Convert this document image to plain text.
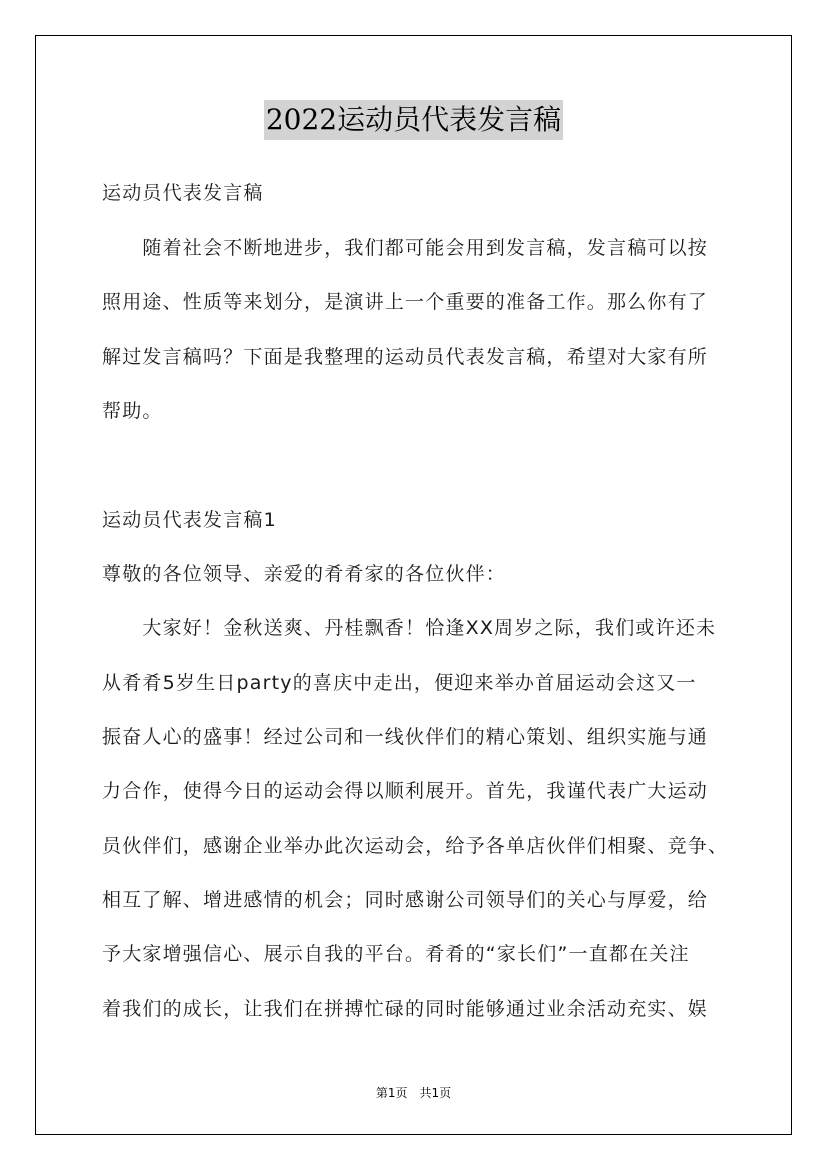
2022运动员代表发言稿
运动员代表发言稿
　　随着社会不断地进步，我们都可能会用到发言稿，发言稿可以按
照用途、性质等来划分，是演讲上一个重要的准备工作。那么你有了
解过发言稿吗？下面是我整理的运动员代表发言稿，希望对大家有所
帮助。
运动员代表发言稿1
尊敬的各位领导、亲爱的肴肴家的各位伙伴：
　　大家好！金秋送爽、丹桂飘香！恰逢XX周岁之际，我们或许还未
从肴肴5岁生日party的喜庆中走出，便迎来举办首届运动会这又一
振奋人心的盛事！经过公司和一线伙伴们的精心策划、组织实施与通
力合作，使得今日的运动会得以顺利展开。首先，我谨代表广大运动
员伙伴们，感谢企业举办此次运动会，给予各单店伙伴们相聚、竞争、
相互了解、增进感情的机会；同时感谢公司领导们的关心与厚爱，给
予大家增强信心、展示自我的平台。肴肴的“家长们”一直都在关注
着我们的成长，让我们在拼搏忙碌的同时能够通过业余活动充实、娱
第1页　共1页
